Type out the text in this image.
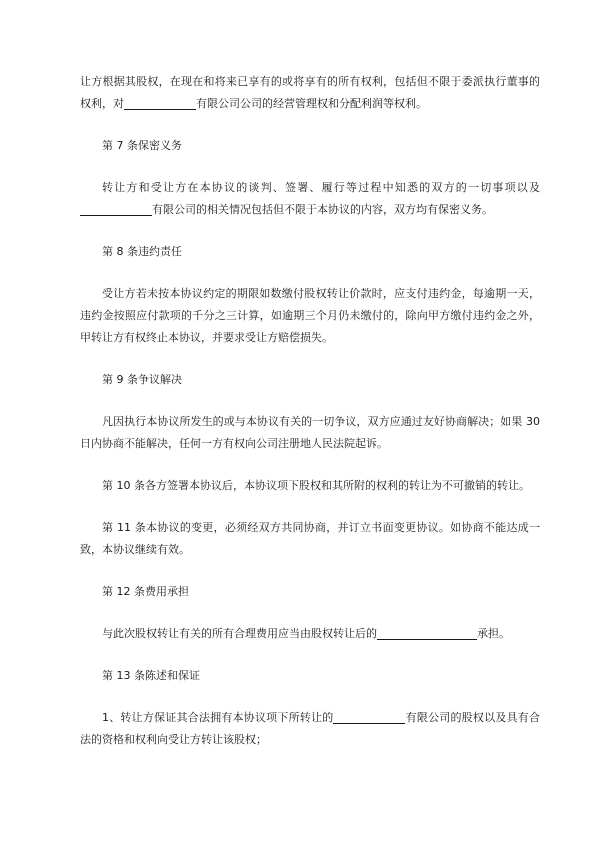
让方根据其股权，在现在和将来已享有的或将享有的所有权利，包括但不限于委派执行董事的权利，对	有限公司公司的经营管理权和分配利润等权利。

第 7 条保密义务

转让方和受让方在本协议的谈判、签署、履行等过程中知悉的双方的一切事项以及有限公司的相关情况包括但不限于本协议的内容，双方均有保密义务。

第 8 条违约责任

受让方若未按本协议约定的期限如数缴付股权转让价款时，应支付违约金，每逾期一天，违约金按照应付款项的千分之三计算，如逾期三个月仍未缴付的，除向甲方缴付违约金之外，甲转让方有权终止本协议，并要求受让方赔偿损失。

第 9 条争议解决

凡因执行本协议所发生的或与本协议有关的一切争议，双方应通过友好协商解决；如果 30 日内协商不能解决，任何一方有权向公司注册地人民法院起诉。

第 10 条各方签署本协议后，本协议项下股权和其所附的权利的转让为不可撤销的转让。

第 11 条本协议的变更，必须经双方共同协商，并订立书面变更协议。如协商不能达成一致，本协议继续有效。

第 12 条费用承担

与此次股权转让有关的所有合理费用应当由股权转让后的	承担。

第 13 条陈述和保证

1、转让方保证其合法拥有本协议项下所转让的	有限公司的股权以及具有合法的资格和权利向受让方转让该股权；
